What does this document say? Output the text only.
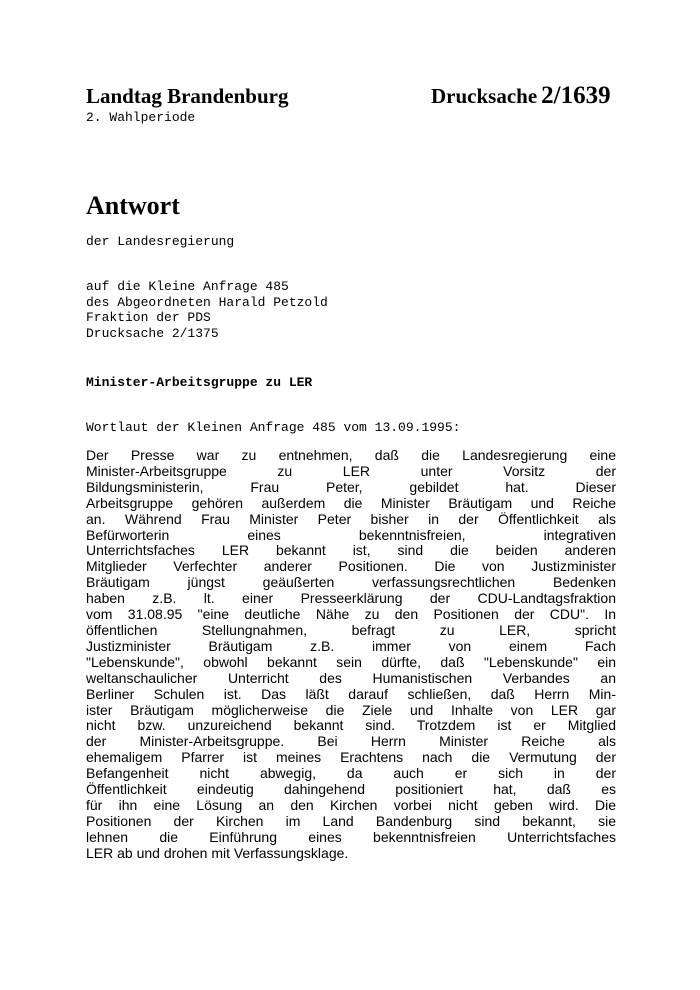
Landtag Brandenburg	Drucksache 2/1639
2. Wahlperiode
Antwort
der Landesregierung
auf die Kleine Anfrage 485
des Abgeordneten Harald Petzold
Fraktion der PDS
Drucksache 2/1375
Minister-Arbeitsgruppe zu LER
Wortlaut der Kleinen Anfrage 485 vom 13.09.1995:
Der Presse war zu entnehmen, daß die Landesregierung eine
Minister-Arbeitsgruppe zu LER unter Vorsitz der
Bildungsministerin, Frau Peter, gebildet hat. Dieser
Arbeitsgruppe gehören außerdem die Minister Bräutigam und Reiche
an. Während Frau Minister Peter bisher in der Öffentlichkeit als
Befürworterin eines bekenntnisfreien, integrativen
Unterrichtsfaches LER bekannt ist, sind die beiden anderen
Mitglieder Verfechter anderer Positionen. Die von Justizminister
Bräutigam jüngst geäußerten verfassungsrechtlichen Bedenken
haben z.B. lt. einer Presseerklärung der CDU-Landtagsfraktion
vom 31.08.95 "eine deutliche Nähe zu den Positionen der CDU". In
öffentlichen Stellungnahmen, befragt zu LER, spricht
Justizminister Bräutigam z.B. immer von einem Fach
"Lebenskunde", obwohl bekannt sein dürfte, daß "Lebenskunde" ein
weltanschaulicher Unterricht des Humanistischen Verbandes an
Berliner Schulen ist. Das läßt darauf schließen, daß Herrn Min-
ister Bräutigam möglicherweise die Ziele und Inhalte von LER gar
nicht bzw. unzureichend bekannt sind. Trotzdem ist er Mitglied
der Minister-Arbeitsgruppe. Bei Herrn Minister Reiche als
ehemaligem Pfarrer ist meines Erachtens nach die Vermutung der
Befangenheit nicht abwegig, da auch er sich in der
Öffentlichkeit eindeutig dahingehend positioniert hat, daß es
für ihn eine Lösung an den Kirchen vorbei nicht geben wird. Die
Positionen der Kirchen im Land Bandenburg sind bekannt, sie
lehnen die Einführung eines bekenntnisfreien Unterrichtsfaches
LER ab und drohen mit Verfassungsklage.
